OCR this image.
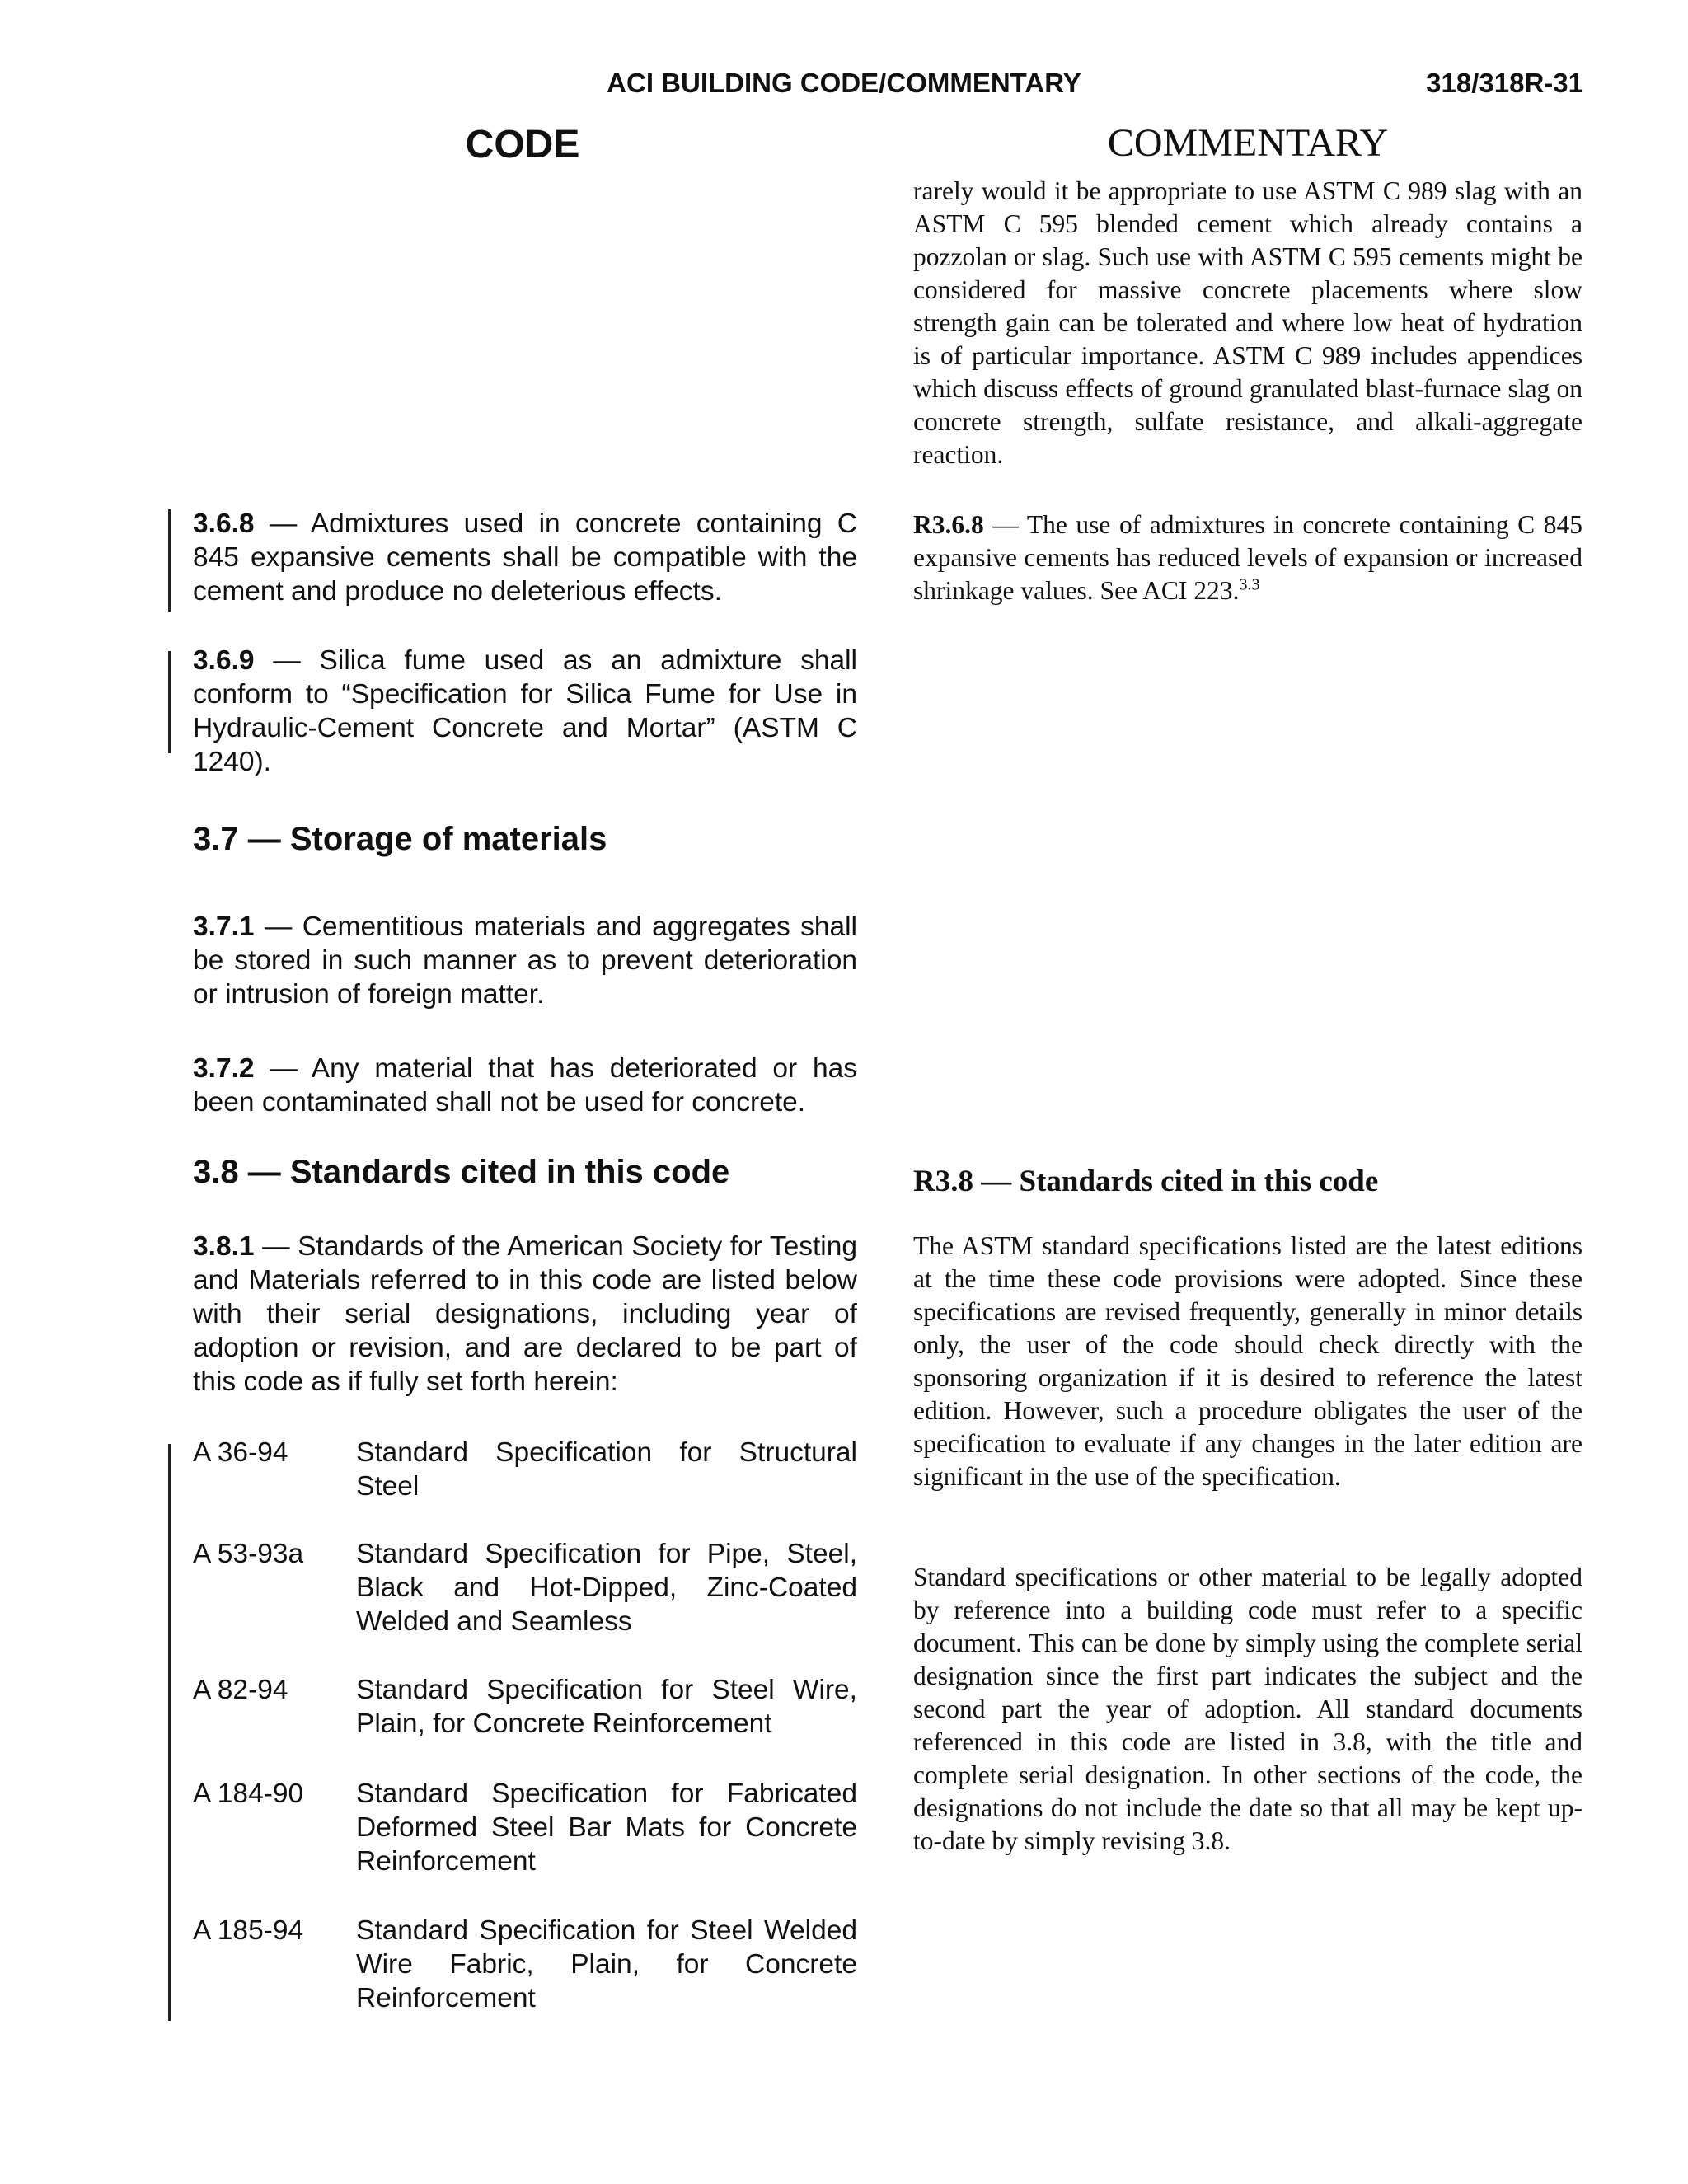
ACI BUILDING CODE/COMMENTARY	318/318R-31
CODE	COMMENTARY
rarely would it be appropriate to use ASTM C 989 slag with an ASTM C 595 blended cement which already contains a pozzolan or slag. Such use with ASTM C 595 cements might be considered for massive concrete placements where slow strength gain can be tolerated and where low heat of hydration is of particular importance. ASTM C 989 includes appendices which discuss effects of ground granulated blast-furnace slag on concrete strength, sulfate resistance, and alkali-aggregate reaction.
3.6.8 — Admixtures used in concrete containing C 845 expansive cements shall be compatible with the cement and produce no deleterious effects.
R3.6.8 — The use of admixtures in concrete containing C 845 expansive cements has reduced levels of expansion or increased shrinkage values. See ACI 223.$^{3.3}$
3.6.9 — Silica fume used as an admixture shall conform to “Specification for Silica Fume for Use in Hydraulic-Cement Concrete and Mortar” (ASTM C 1240).
3.7 — Storage of materials
3.7.1 — Cementitious materials and aggregates shall be stored in such manner as to prevent deterioration or intrusion of foreign matter.
3.7.2 — Any material that has deteriorated or has been contaminated shall not be used for concrete.
3.8 — Standards cited in this code	R3.8 — Standards cited in this code
3.8.1 — Standards of the American Society for Testing and Materials referred to in this code are listed below with their serial designations, including year of adoption or revision, and are declared to be part of this code as if fully set forth herein:
The ASTM standard specifications listed are the latest editions at the time these code provisions were adopted. Since these specifications are revised frequently, generally in minor details only, the user of the code should check directly with the sponsoring organization if it is desired to reference the latest edition. However, such a procedure obligates the user of the specification to evaluate if any changes in the later edition are significant in the use of the specification.
Standard specifications or other material to be legally adopted by reference into a building code must refer to a specific document. This can be done by simply using the complete serial designation since the first part indicates the subject and the second part the year of adoption. All standard documents referenced in this code are listed in 3.8, with the title and complete serial designation. In other sections of the code, the designations do not include the date so that all may be kept up-to-date by simply revising 3.8.
A 36-94	Standard Specification for Structural Steel
A 53-93a	Standard Specification for Pipe, Steel, Black and Hot-Dipped, Zinc-Coated Welded and Seamless
A 82-94	Standard Specification for Steel Wire, Plain, for Concrete Reinforcement
A 184-90	Standard Specification for Fabricated Deformed Steel Bar Mats for Concrete Reinforcement
A 185-94	Standard Specification for Steel Welded Wire Fabric, Plain, for Concrete Reinforcement
